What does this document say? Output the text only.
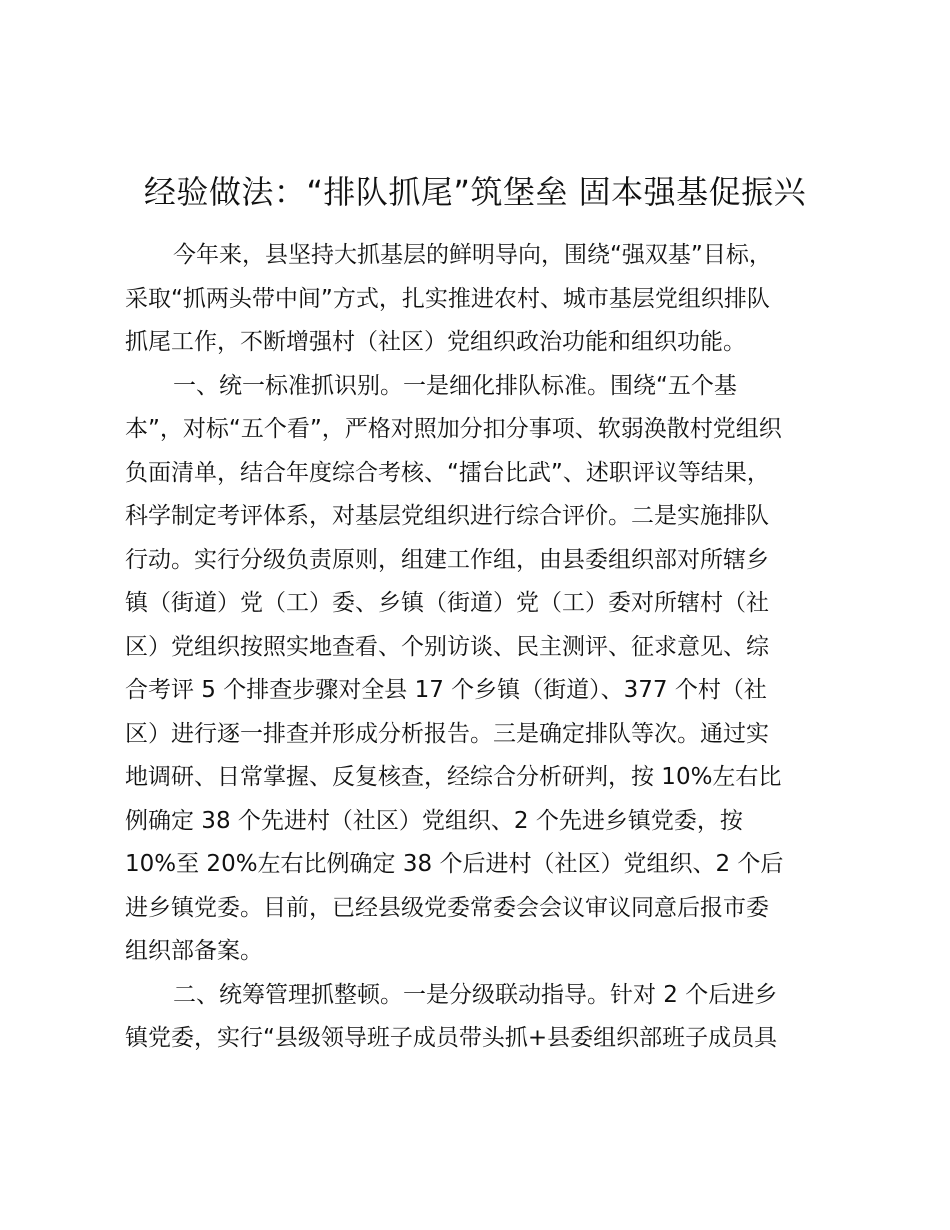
经验做法：“排队抓尾”筑堡垒 固本强基促振兴
今年来，县坚持大抓基层的鲜明导向，围绕“强双基”目标，
采取“抓两头带中间”方式，扎实推进农村、城市基层党组织排队
抓尾工作，不断增强村（社区）党组织政治功能和组织功能。
一、统一标准抓识别。一是细化排队标准。围绕“五个基
本”，对标“五个看”，严格对照加分扣分事项、软弱涣散村党组织
负面清单，结合年度综合考核、“擂台比武”、述职评议等结果，
科学制定考评体系，对基层党组织进行综合评价。二是实施排队
行动。实行分级负责原则，组建工作组，由县委组织部对所辖乡
镇（街道）党（工）委、乡镇（街道）党（工）委对所辖村（社
区）党组织按照实地查看、个别访谈、民主测评、征求意见、综
合考评 5 个排查步骤对全县 17 个乡镇（街道）、377 个村（社
区）进行逐一排查并形成分析报告。三是确定排队等次。通过实
地调研、日常掌握、反复核查，经综合分析研判，按 10%左右比
例确定 38 个先进村（社区）党组织、2 个先进乡镇党委，按
10%至 20%左右比例确定 38 个后进村（社区）党组织、2 个后
进乡镇党委。目前，已经县级党委常委会会议审议同意后报市委
组织部备案。
二、统筹管理抓整顿。一是分级联动指导。针对 2 个后进乡
镇党委，实行“县级领导班子成员带头抓+县委组织部班子成员具
